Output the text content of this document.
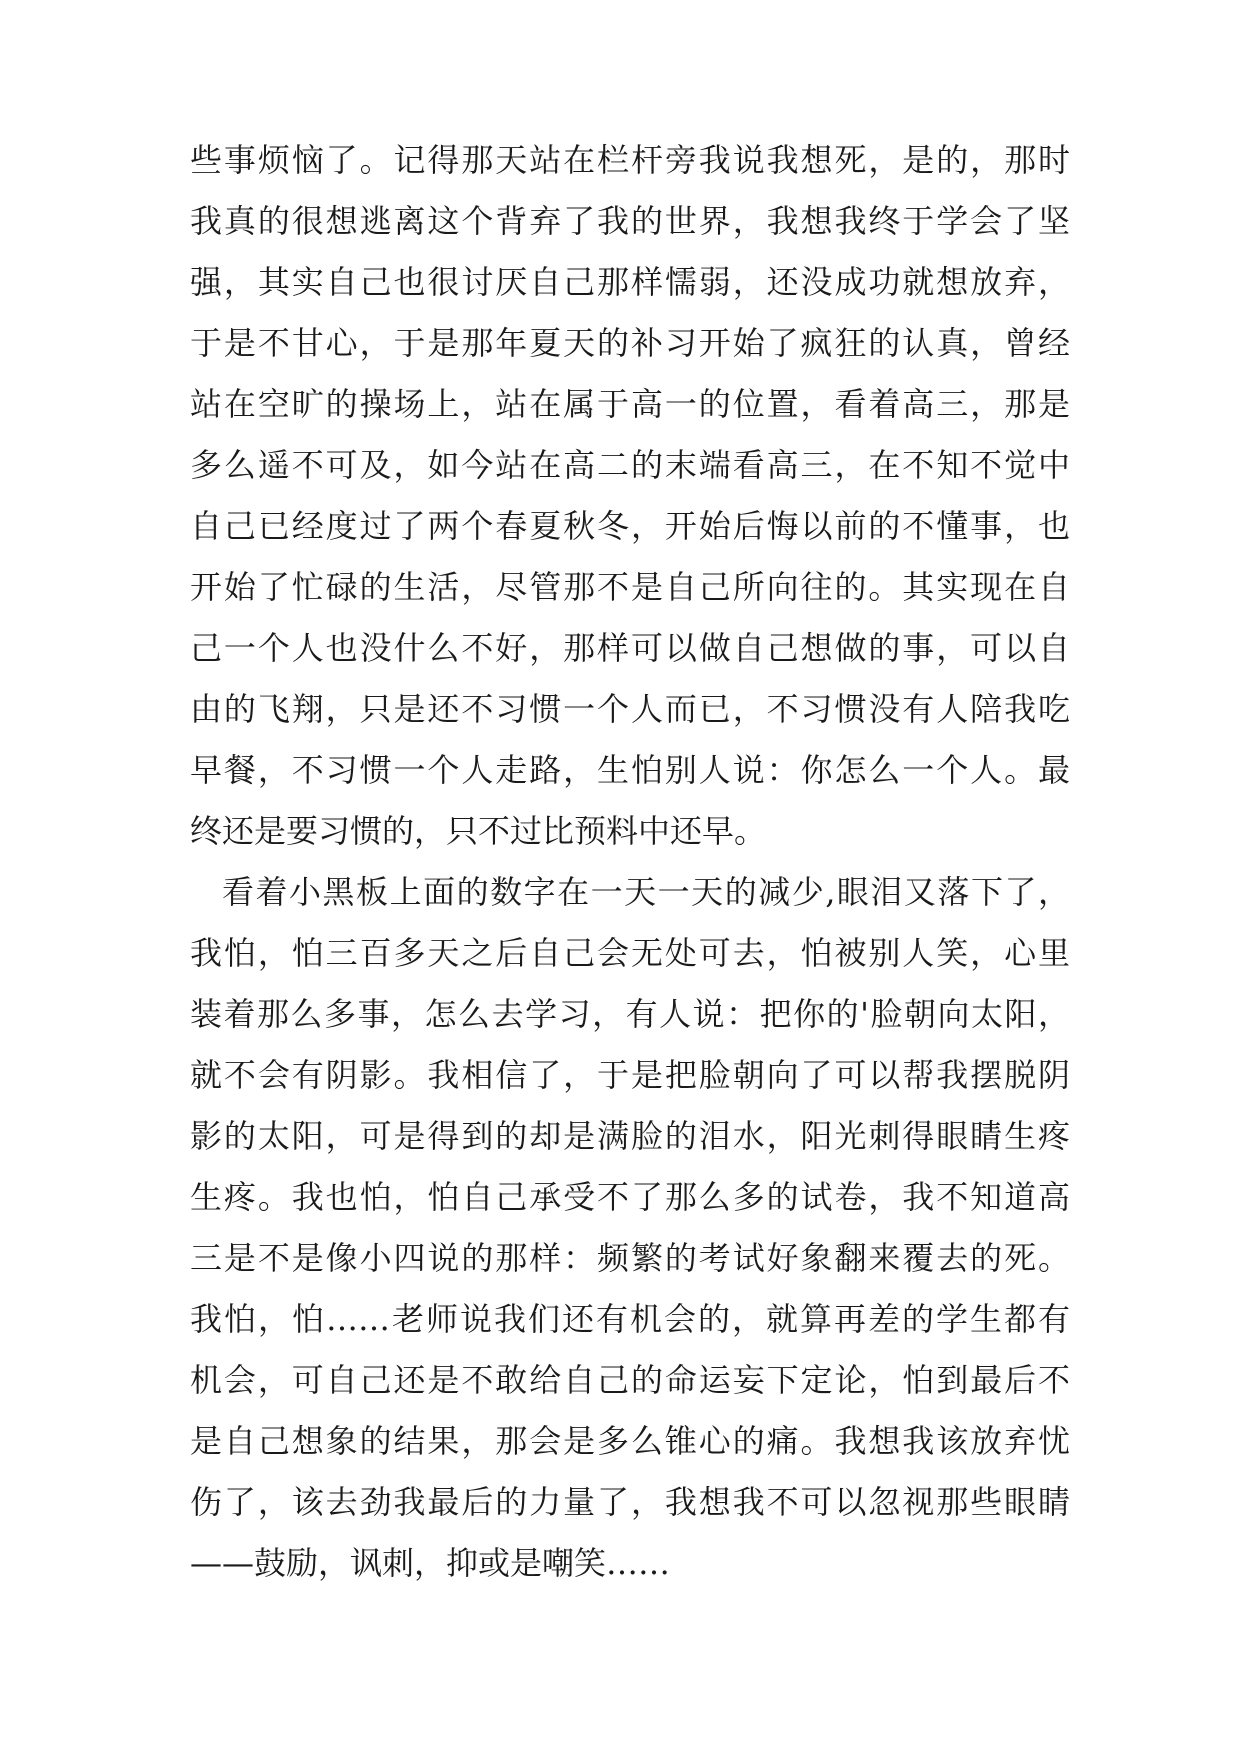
些事烦恼了。记得那天站在栏杆旁我说我想死，是的，那时
我真的很想逃离这个背弃了我的世界，我想我终于学会了坚
强，其实自己也很讨厌自己那样懦弱，还没成功就想放弃，
于是不甘心，于是那年夏天的补习开始了疯狂的认真，曾经
站在空旷的操场上，站在属于高一的位置，看着高三，那是
多么遥不可及，如今站在高二的末端看高三，在不知不觉中
自己已经度过了两个春夏秋冬，开始后悔以前的不懂事，也
开始了忙碌的生活，尽管那不是自己所向往的。其实现在自
己一个人也没什么不好，那样可以做自己想做的事，可以自
由的飞翔，只是还不习惯一个人而已，不习惯没有人陪我吃
早餐，不习惯一个人走路，生怕别人说：你怎么一个人。最
终还是要习惯的，只不过比预料中还早。
看着小黑板上面的数字在一天一天的减少,眼泪又落下了，
我怕，怕三百多天之后自己会无处可去，怕被别人笑，心里
装着那么多事，怎么去学习，有人说：把你的'脸朝向太阳，
就不会有阴影。我相信了，于是把脸朝向了可以帮我摆脱阴
影的太阳，可是得到的却是满脸的泪水，阳光刺得眼睛生疼
生疼。我也怕，怕自己承受不了那么多的试卷，我不知道高
三是不是像小四说的那样：频繁的考试好象翻来覆去的死。
我怕，怕……老师说我们还有机会的，就算再差的学生都有
机会，可自己还是不敢给自己的命运妄下定论，怕到最后不
是自己想象的结果，那会是多么锥心的痛。我想我该放弃忧
伤了，该去劲我最后的力量了，我想我不可以忽视那些眼睛
——鼓励，讽刺，抑或是嘲笑……
